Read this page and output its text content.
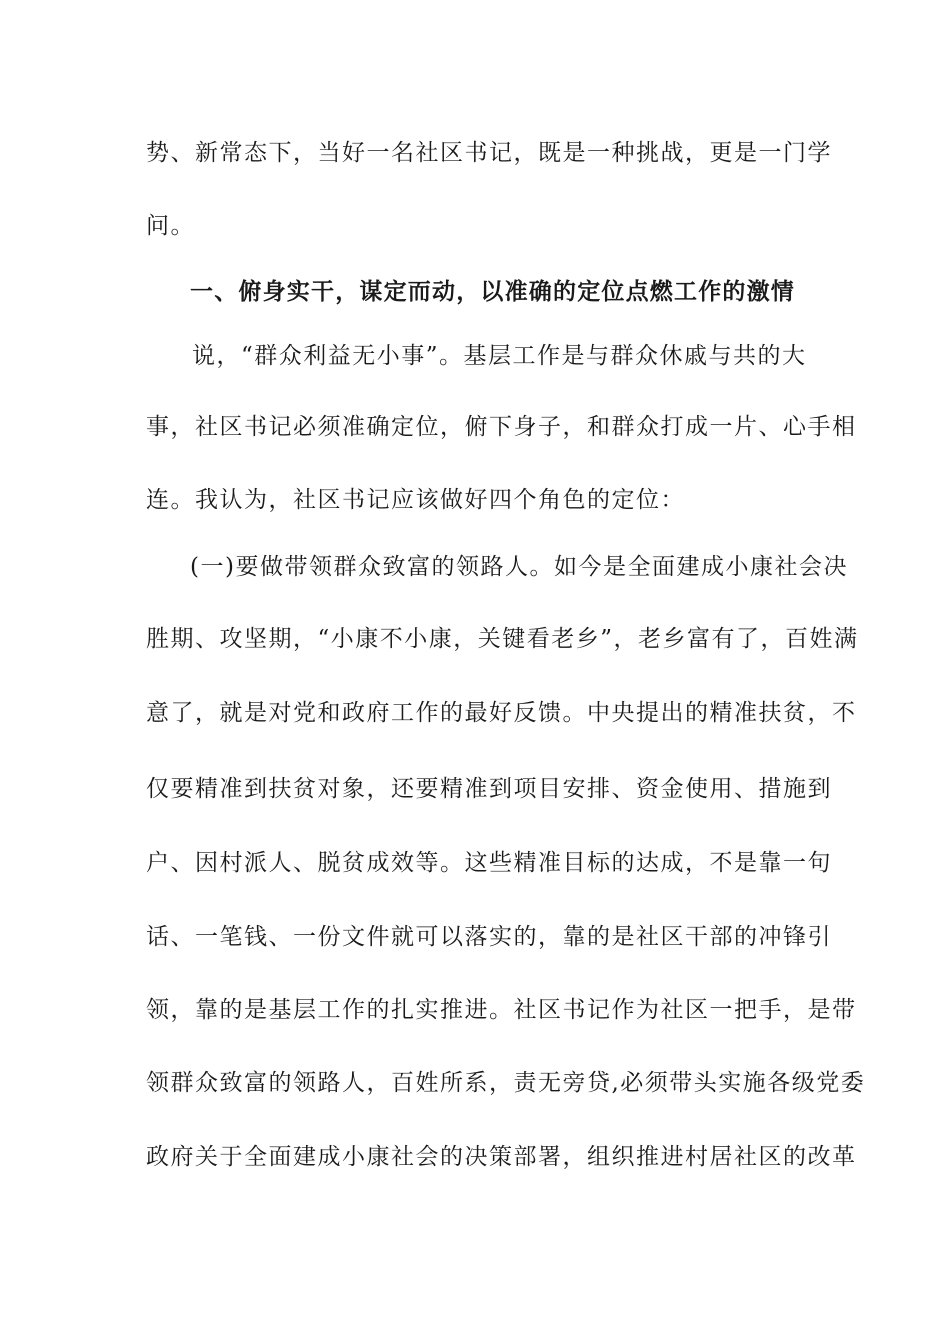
势、新常态下，当好一名社区书记，既是一种挑战，更是一门学
问。
一、俯身实干，谋定而动，以准确的定位点燃工作的激情
说，“群众利益无小事”。基层工作是与群众休戚与共的大
事，社区书记必须准确定位，俯下身子，和群众打成一片、心手相
连。我认为，社区书记应该做好四个角色的定位：
(一)要做带领群众致富的领路人。如今是全面建成小康社会决
胜期、攻坚期，“小康不小康，关键看老乡”，老乡富有了，百姓满
意了，就是对党和政府工作的最好反馈。中央提出的精准扶贫，不
仅要精准到扶贫对象，还要精准到项目安排、资金使用、措施到
户、因村派人、脱贫成效等。这些精准目标的达成，不是靠一句
话、一笔钱、一份文件就可以落实的，靠的是社区干部的冲锋引
领，靠的是基层工作的扎实推进。社区书记作为社区一把手，是带
领群众致富的领路人，百姓所系，责无旁贷,必须带头实施各级党委
政府关于全面建成小康社会的决策部署，组织推进村居社区的改革
